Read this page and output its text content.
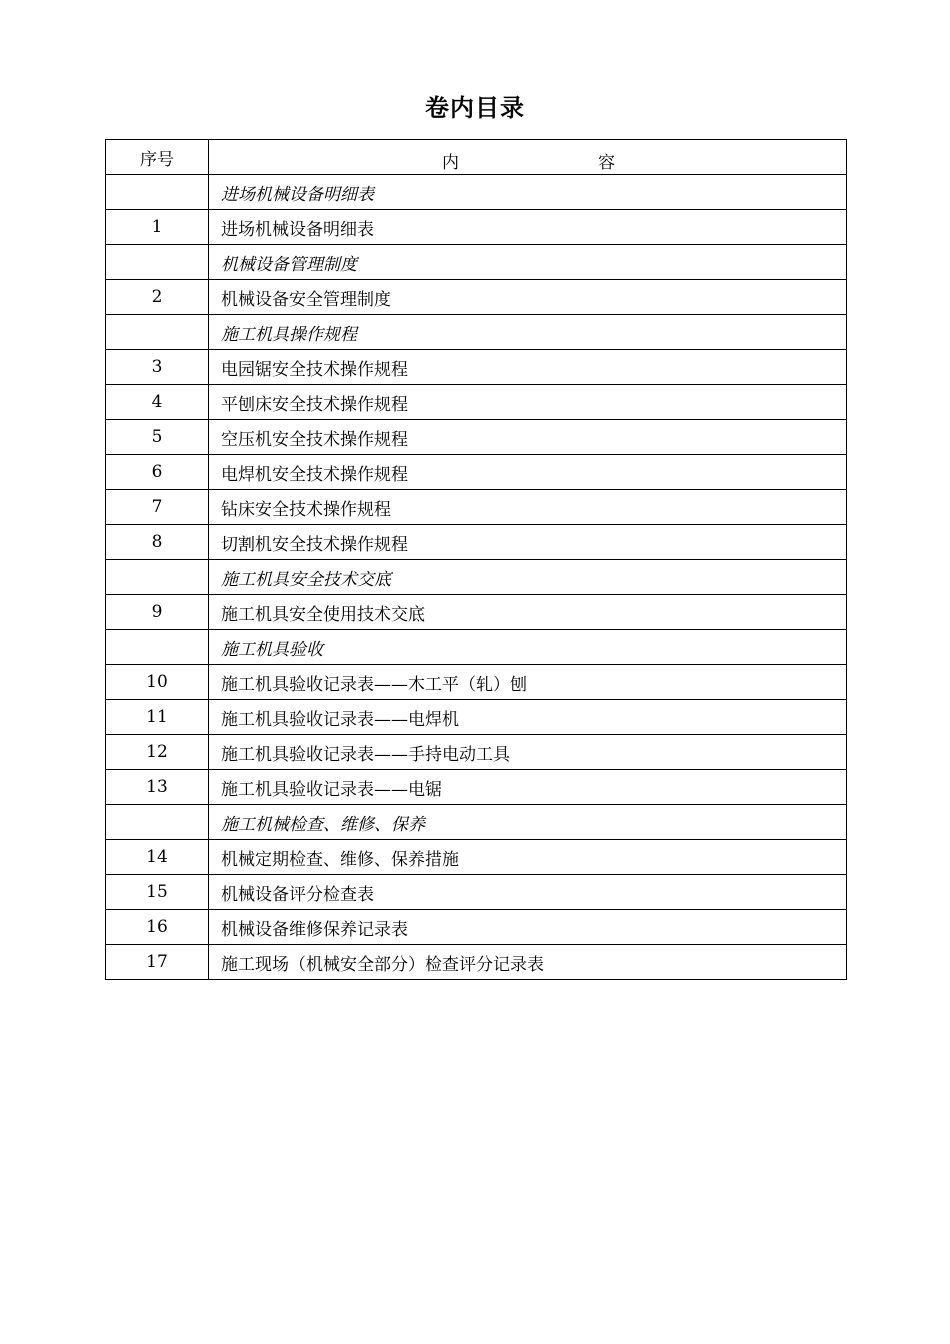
卷内目录
序号	内 容

	进场机械设备明细表
1	进场机械设备明细表
	机械设备管理制度
2	机械设备安全管理制度
	施工机具操作规程
3	电园锯安全技术操作规程
4	平刨床安全技术操作规程
5	空压机安全技术操作规程
6	电焊机安全技术操作规程
7	钻床安全技术操作规程
8	切割机安全技术操作规程
	施工机具安全技术交底
9	施工机具安全使用技术交底
	施工机具验收
10	施工机具验收记录表——木工平（轧）刨
11	施工机具验收记录表——电焊机
12	施工机具验收记录表——手持电动工具
13	施工机具验收记录表——电锯
	施工机械检查、维修、保养
14	机械定期检查、维修、保养措施
15	机械设备评分检查表
16	机械设备维修保养记录表
17	施工现场（机械安全部分）检查评分记录表
